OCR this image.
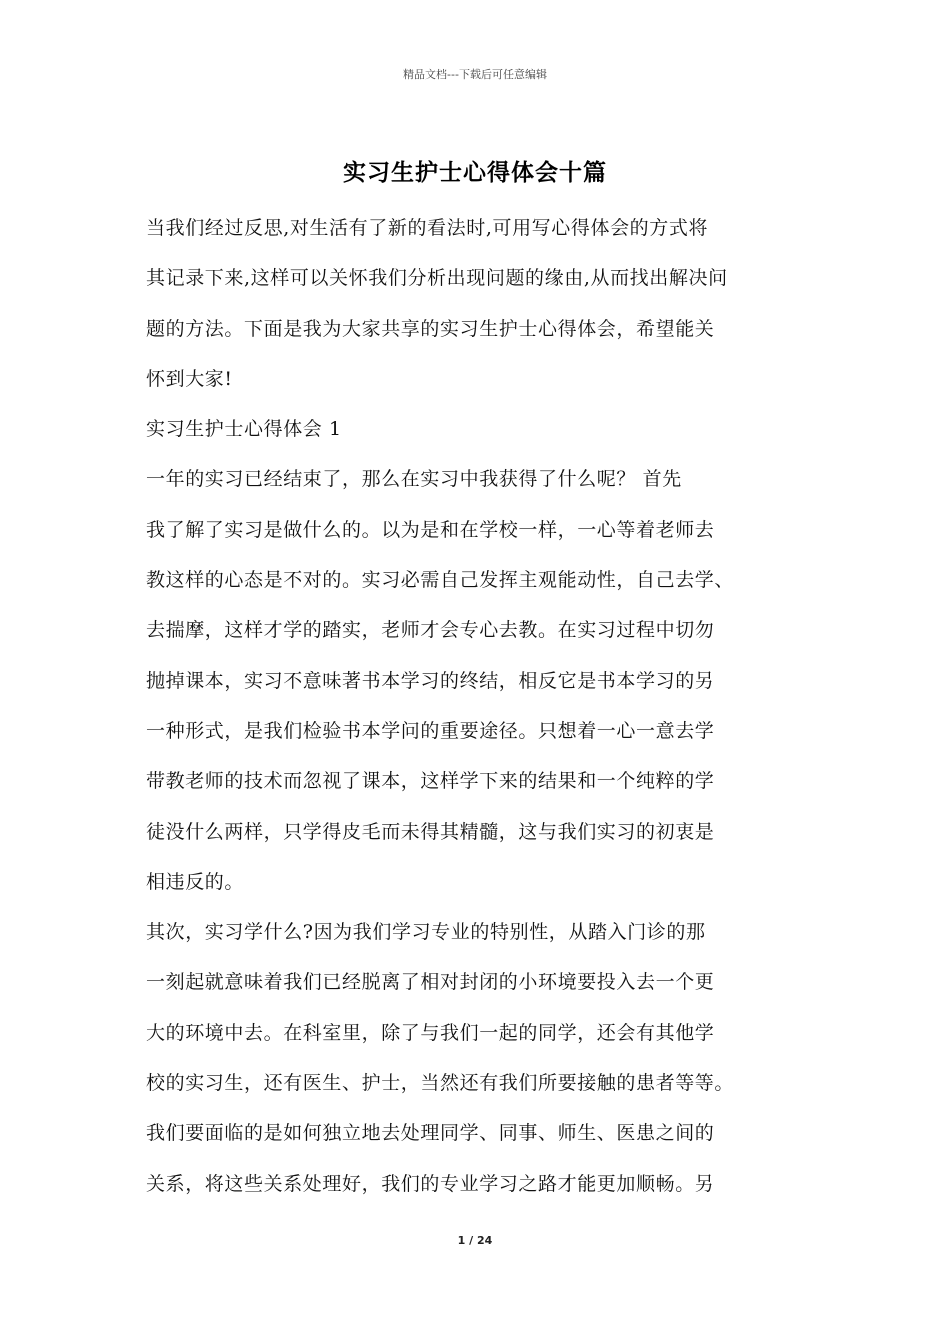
精品文档---下载后可任意编辑
实习生护士心得体会十篇
当我们经过反思,对生活有了新的看法时,可用写心得体会的方式将
其记录下来,这样可以关怀我们分析出现问题的缘由,从而找出解决问
题的方法。下面是我为大家共享的实习生护士心得体会，希望能关
怀到大家!
实习生护士心得体会 1
一年的实习已经结束了，那么在实习中我获得了什么呢？ 首先
我了解了实习是做什么的。以为是和在学校一样，一心等着老师去
教这样的心态是不对的。实习必需自己发挥主观能动性，自己去学、
去揣摩，这样才学的踏实，老师才会专心去教。在实习过程中切勿
抛掉课本，实习不意味著书本学习的终结，相反它是书本学习的另
一种形式，是我们检验书本学问的重要途径。只想着一心一意去学
带教老师的技术而忽视了课本，这样学下来的结果和一个纯粹的学
徒没什么两样，只学得皮毛而未得其精髓，这与我们实习的初衷是
相违反的。
其次，实习学什么?因为我们学习专业的特别性，从踏入门诊的那
一刻起就意味着我们已经脱离了相对封闭的小环境要投入去一个更
大的环境中去。在科室里，除了与我们一起的同学，还会有其他学
校的实习生，还有医生、护士，当然还有我们所要接触的患者等等。
我们要面临的是如何独立地去处理同学、同事、师生、医患之间的
关系，将这些关系处理好，我们的专业学习之路才能更加顺畅。另
1 / 24
